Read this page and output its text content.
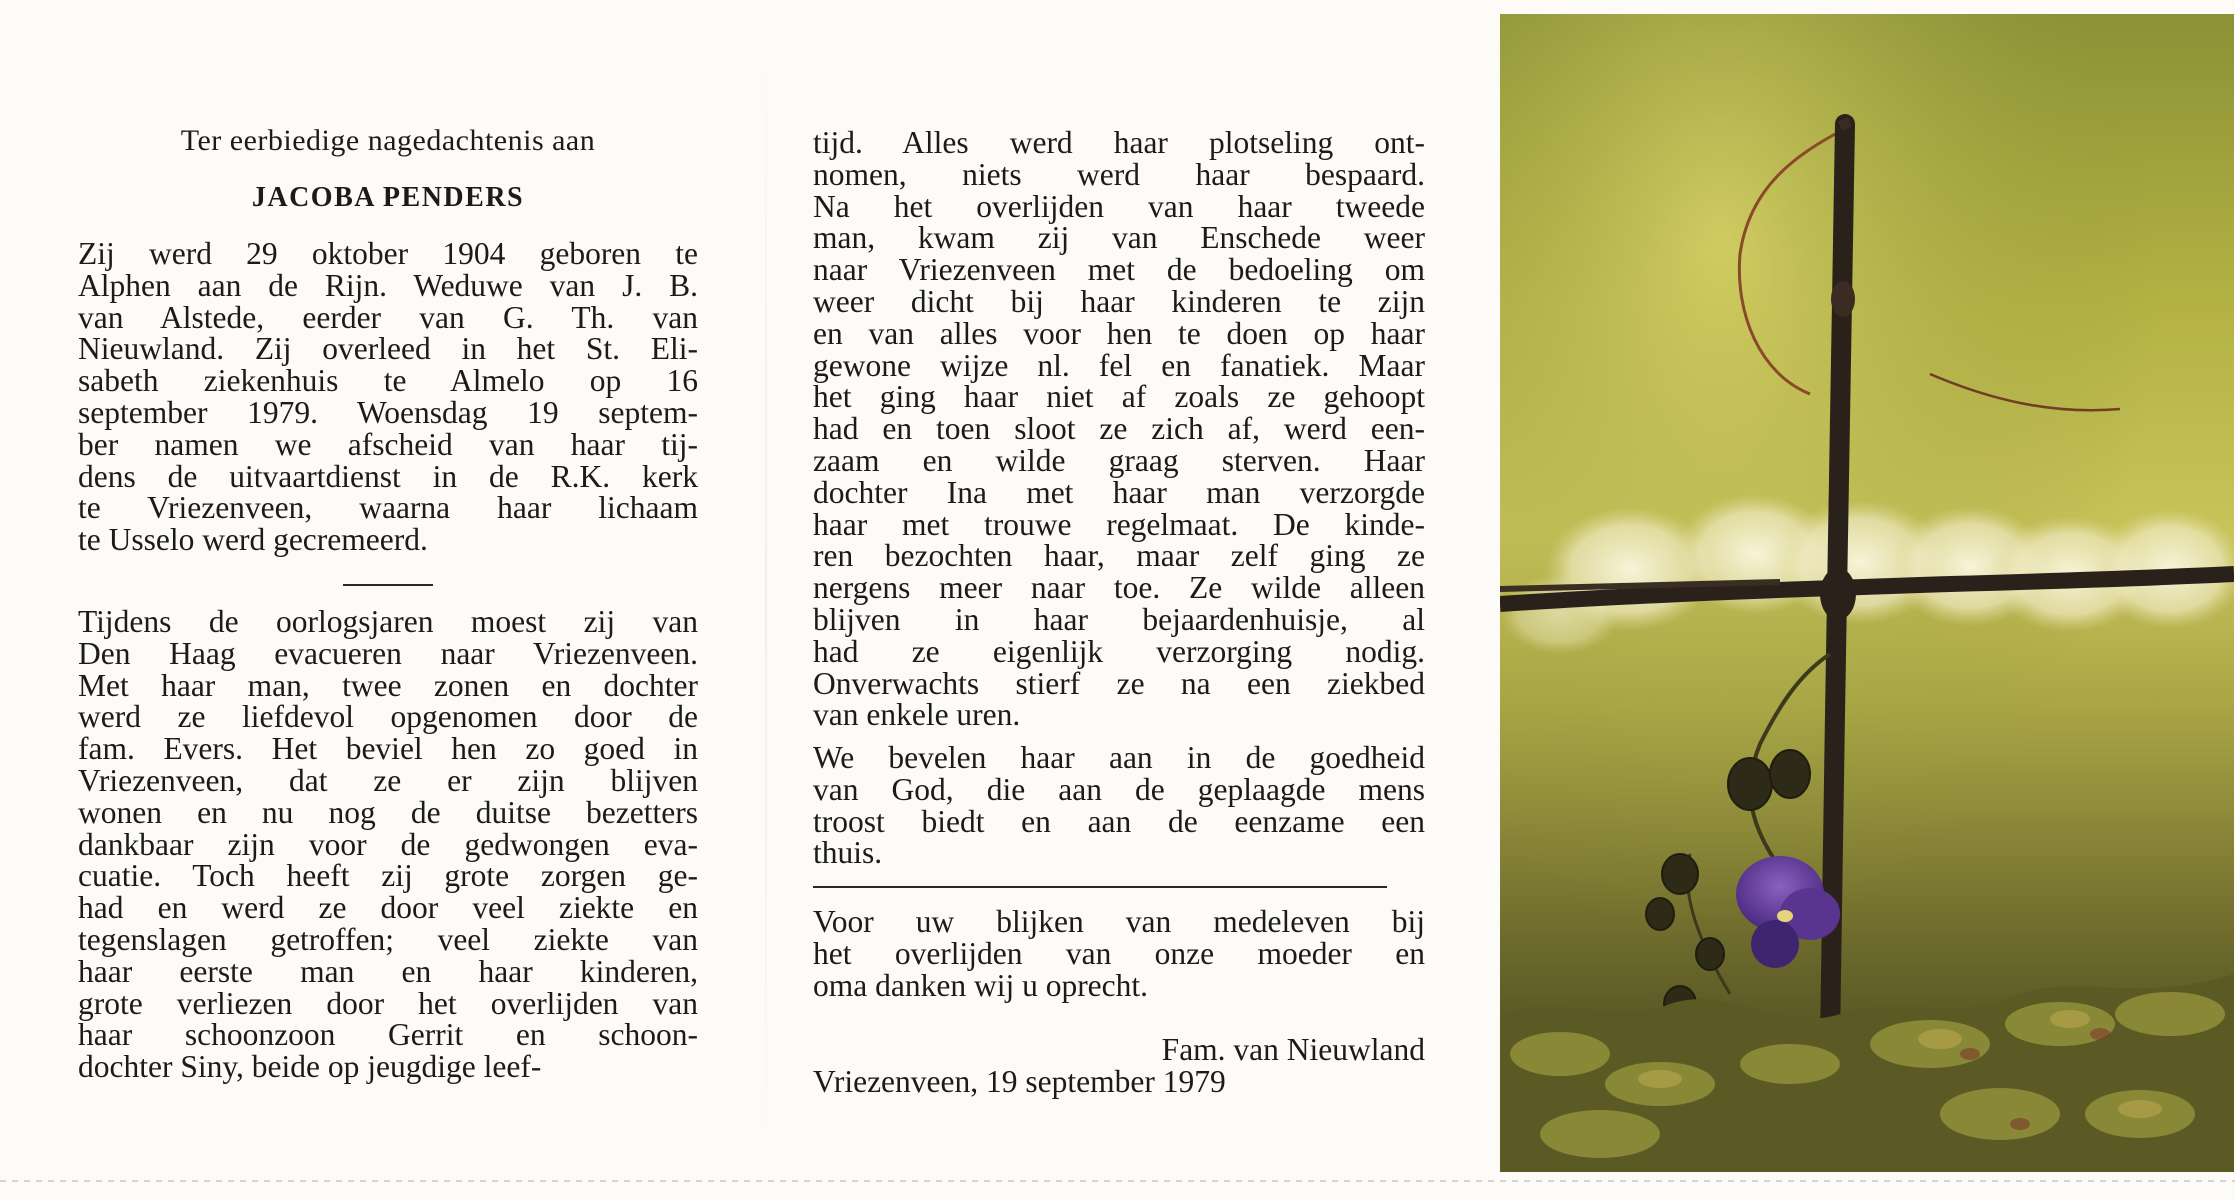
Ter eerbiedige nagedachtenis aan
JACOBA PENDERS

Zij werd 29 oktober 1904 geboren te
Alphen aan de Rijn. Weduwe van J. B.
van Alstede, eerder van G. Th. van
Nieuwland. Zij overleed in het St. Eli-
sabeth ziekenhuis te Almelo op 16
september 1979. Woensdag 19 septem-
ber namen we afscheid van haar tij-
dens de uitvaartdienst in de R.K. kerk
te Vriezenveen, waarna haar lichaam
te Usselo werd gecremeerd.

Tijdens de oorlogsjaren moest zij van
Den Haag evacueren naar Vriezenveen.
Met haar man, twee zonen en dochter
werd ze liefdevol opgenomen door de
fam. Evers. Het beviel hen zo goed in
Vriezenveen, dat ze er zijn blijven
wonen en nu nog de duitse bezetters
dankbaar zijn voor de gedwongen eva-
cuatie. Toch heeft zij grote zorgen ge-
had en werd ze door veel ziekte en
tegenslagen getroffen; veel ziekte van
haar eerste man en haar kinderen,
grote verliezen door het overlijden van
haar schoonzoon Gerrit en schoon-
dochter Siny, beide op jeugdige leef-

tijd. Alles werd haar plotseling ont-
nomen, niets werd haar bespaard.
Na het overlijden van haar tweede
man, kwam zij van Enschede weer
naar Vriezenveen met de bedoeling om
weer dicht bij haar kinderen te zijn
en van alles voor hen te doen op haar
gewone wijze nl. fel en fanatiek. Maar
het ging haar niet af zoals ze gehoopt
had en toen sloot ze zich af, werd een-
zaam en wilde graag sterven. Haar
dochter Ina met haar man verzorgde
haar met trouwe regelmaat. De kinde-
ren bezochten haar, maar zelf ging ze
nergens meer naar toe. Ze wilde alleen
blijven in haar bejaardenhuisje, al
had ze eigenlijk verzorging nodig.
Onverwachts stierf ze na een ziekbed
van enkele uren.

We bevelen haar aan in de goedheid
van God, die aan de geplaagde mens
troost biedt en aan de eenzame een
thuis.

Voor uw blijken van medeleven bij
het overlijden van onze moeder en
oma danken wij u oprecht.

Fam. van Nieuwland
Vriezenveen, 19 september 1979
